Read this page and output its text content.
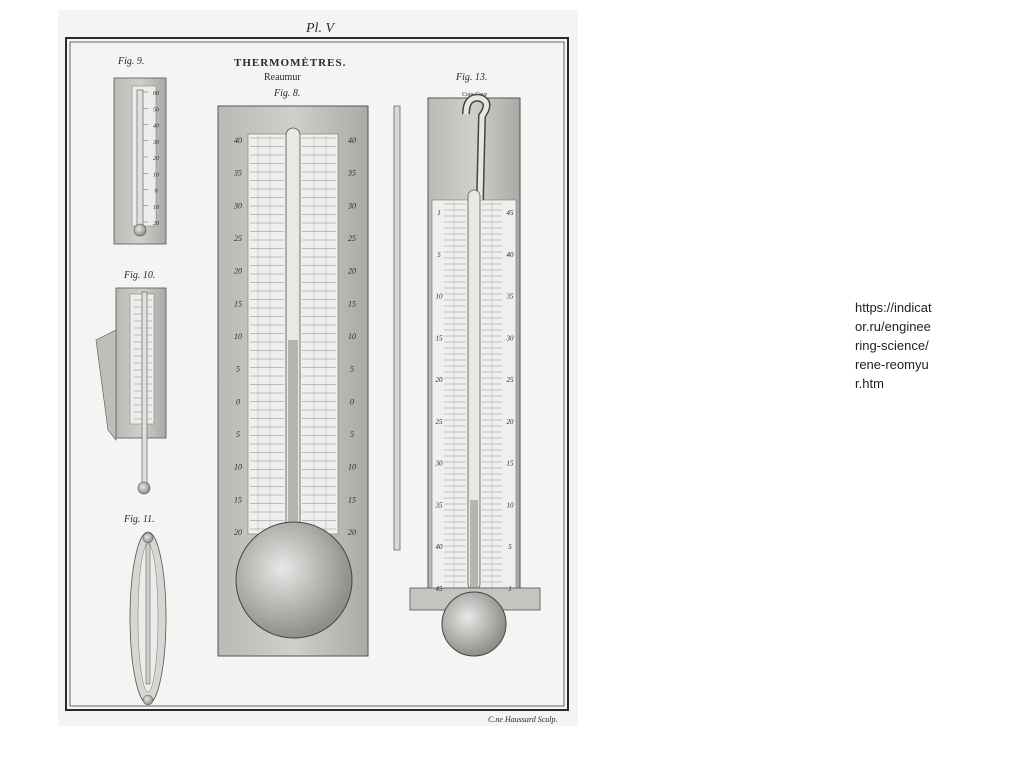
Pl. V
THERMOMÈTRES.
Reaumur
Fig. 9.
60
50
40
30
20
10
0
10
20
Fig. 10.
Fig. 11.
Fig. 8.
40	40
35	35
30	30
25	25
20	20
15	15
10	10
5	5
0	0
5	5
10	10
15	15
20	20
Fig. 13.
Cote Cave
1	45
5	40
10	35
15	30
20	25
25	20
30	15
35	10
40	5
45	1
C.ne Haussard Sculp.
https://indicator.ru/engineering-science/rene-reomyur.htm
